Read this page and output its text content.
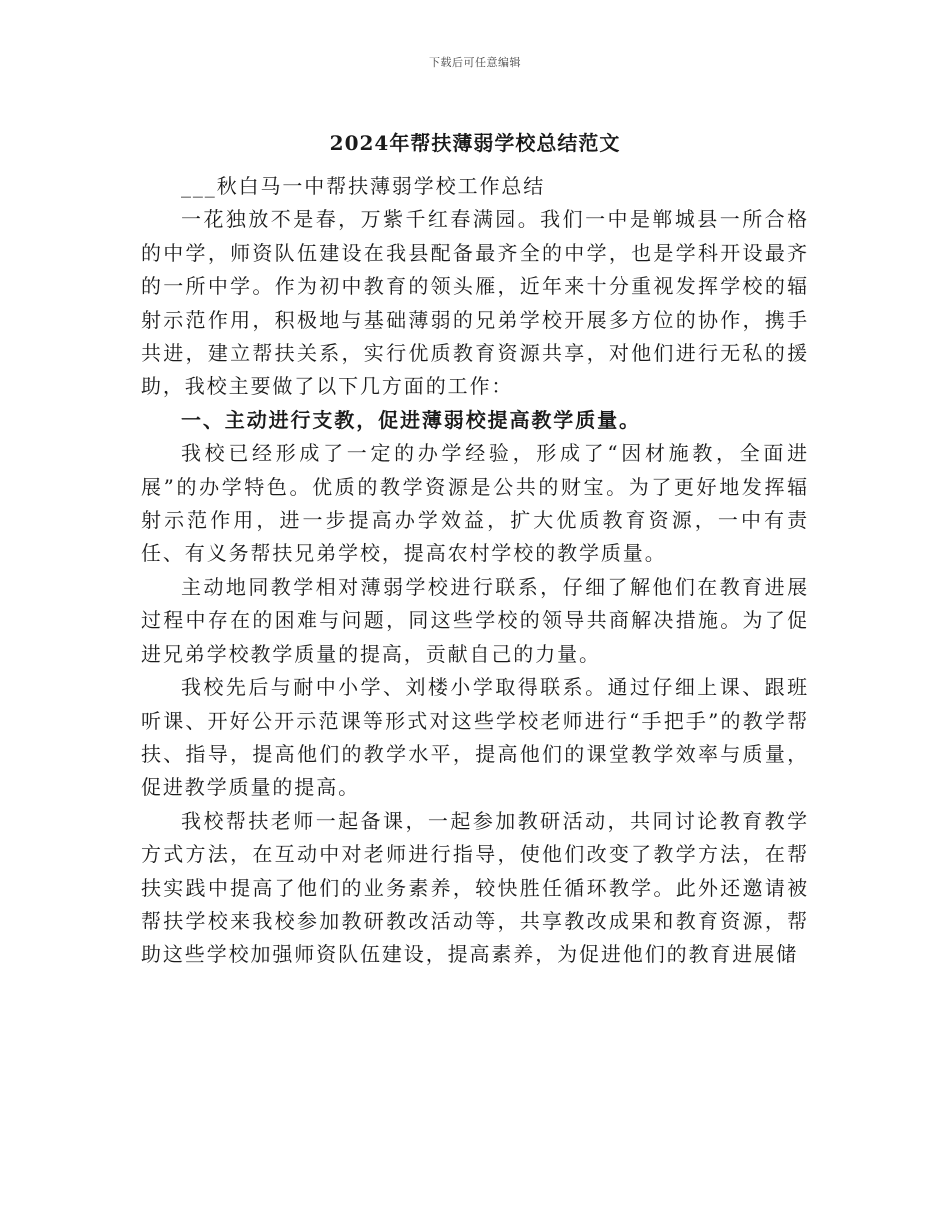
下载后可任意编辑
2024年帮扶薄弱学校总结范文

___秋白马一中帮扶薄弱学校工作总结

一花独放不是春，万紫千红春满园。我们一中是郸城县一所合格的中学，师资队伍建设在我县配备最齐全的中学，也是学科开设最齐的一所中学。作为初中教育的领头雁，近年来十分重视发挥学校的辐射示范作用，积极地与基础薄弱的兄弟学校开展多方位的协作，携手共进，建立帮扶关系，实行优质教育资源共享，对他们进行无私的援助，我校主要做了以下几方面的工作：

一、主动进行支教，促进薄弱校提高教学质量。

我校已经形成了一定的办学经验，形成了“因材施教，全面进展”的办学特色。优质的教学资源是公共的财宝。为了更好地发挥辐射示范作用，进一步提高办学效益，扩大优质教育资源，一中有责任、有义务帮扶兄弟学校，提高农村学校的教学质量。

主动地同教学相对薄弱学校进行联系，仔细了解他们在教育进展过程中存在的困难与问题，同这些学校的领导共商解决措施。为了促进兄弟学校教学质量的提高，贡献自己的力量。

我校先后与耐中小学、刘楼小学取得联系。通过仔细上课、跟班听课、开好公开示范课等形式对这些学校老师进行“手把手”的教学帮扶、指导，提高他们的教学水平，提高他们的课堂教学效率与质量，促进教学质量的提高。

我校帮扶老师一起备课，一起参加教研活动，共同讨论教育教学方式方法，在互动中对老师进行指导，使他们改变了教学方法，在帮扶实践中提高了他们的业务素养，较快胜任循环教学。此外还邀请被帮扶学校来我校参加教研教改活动等，共享教改成果和教育资源，帮助这些学校加强师资队伍建设，提高素养，为促进他们的教育进展储
